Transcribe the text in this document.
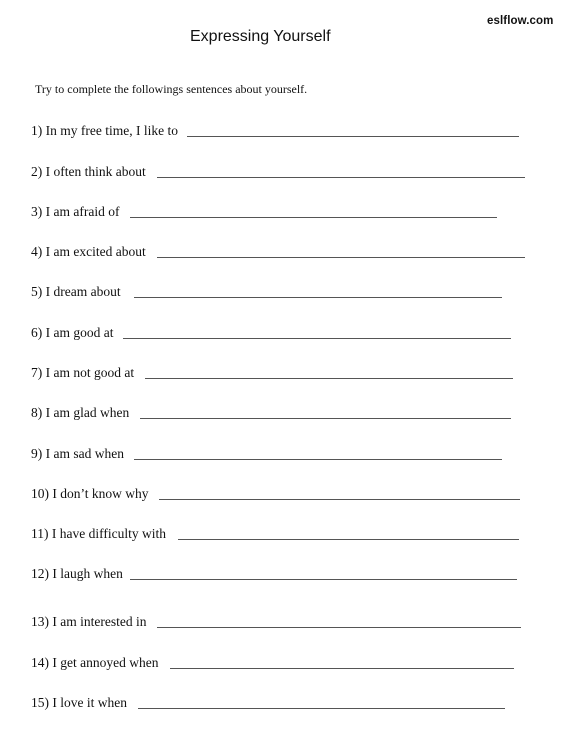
eslflow.com
Expressing Yourself
Try to complete the followings sentences about yourself.
1) In my free time, I like to
2) I often think about
3) I am afraid of
4) I am excited about
5) I dream about
6) I am good at
7) I am not good at
8) I am glad when
9) I am sad when
10) I don’t know why
11) I have difficulty with
12) I laugh when
13) I am interested in
14) I get annoyed when
15) I love it when
